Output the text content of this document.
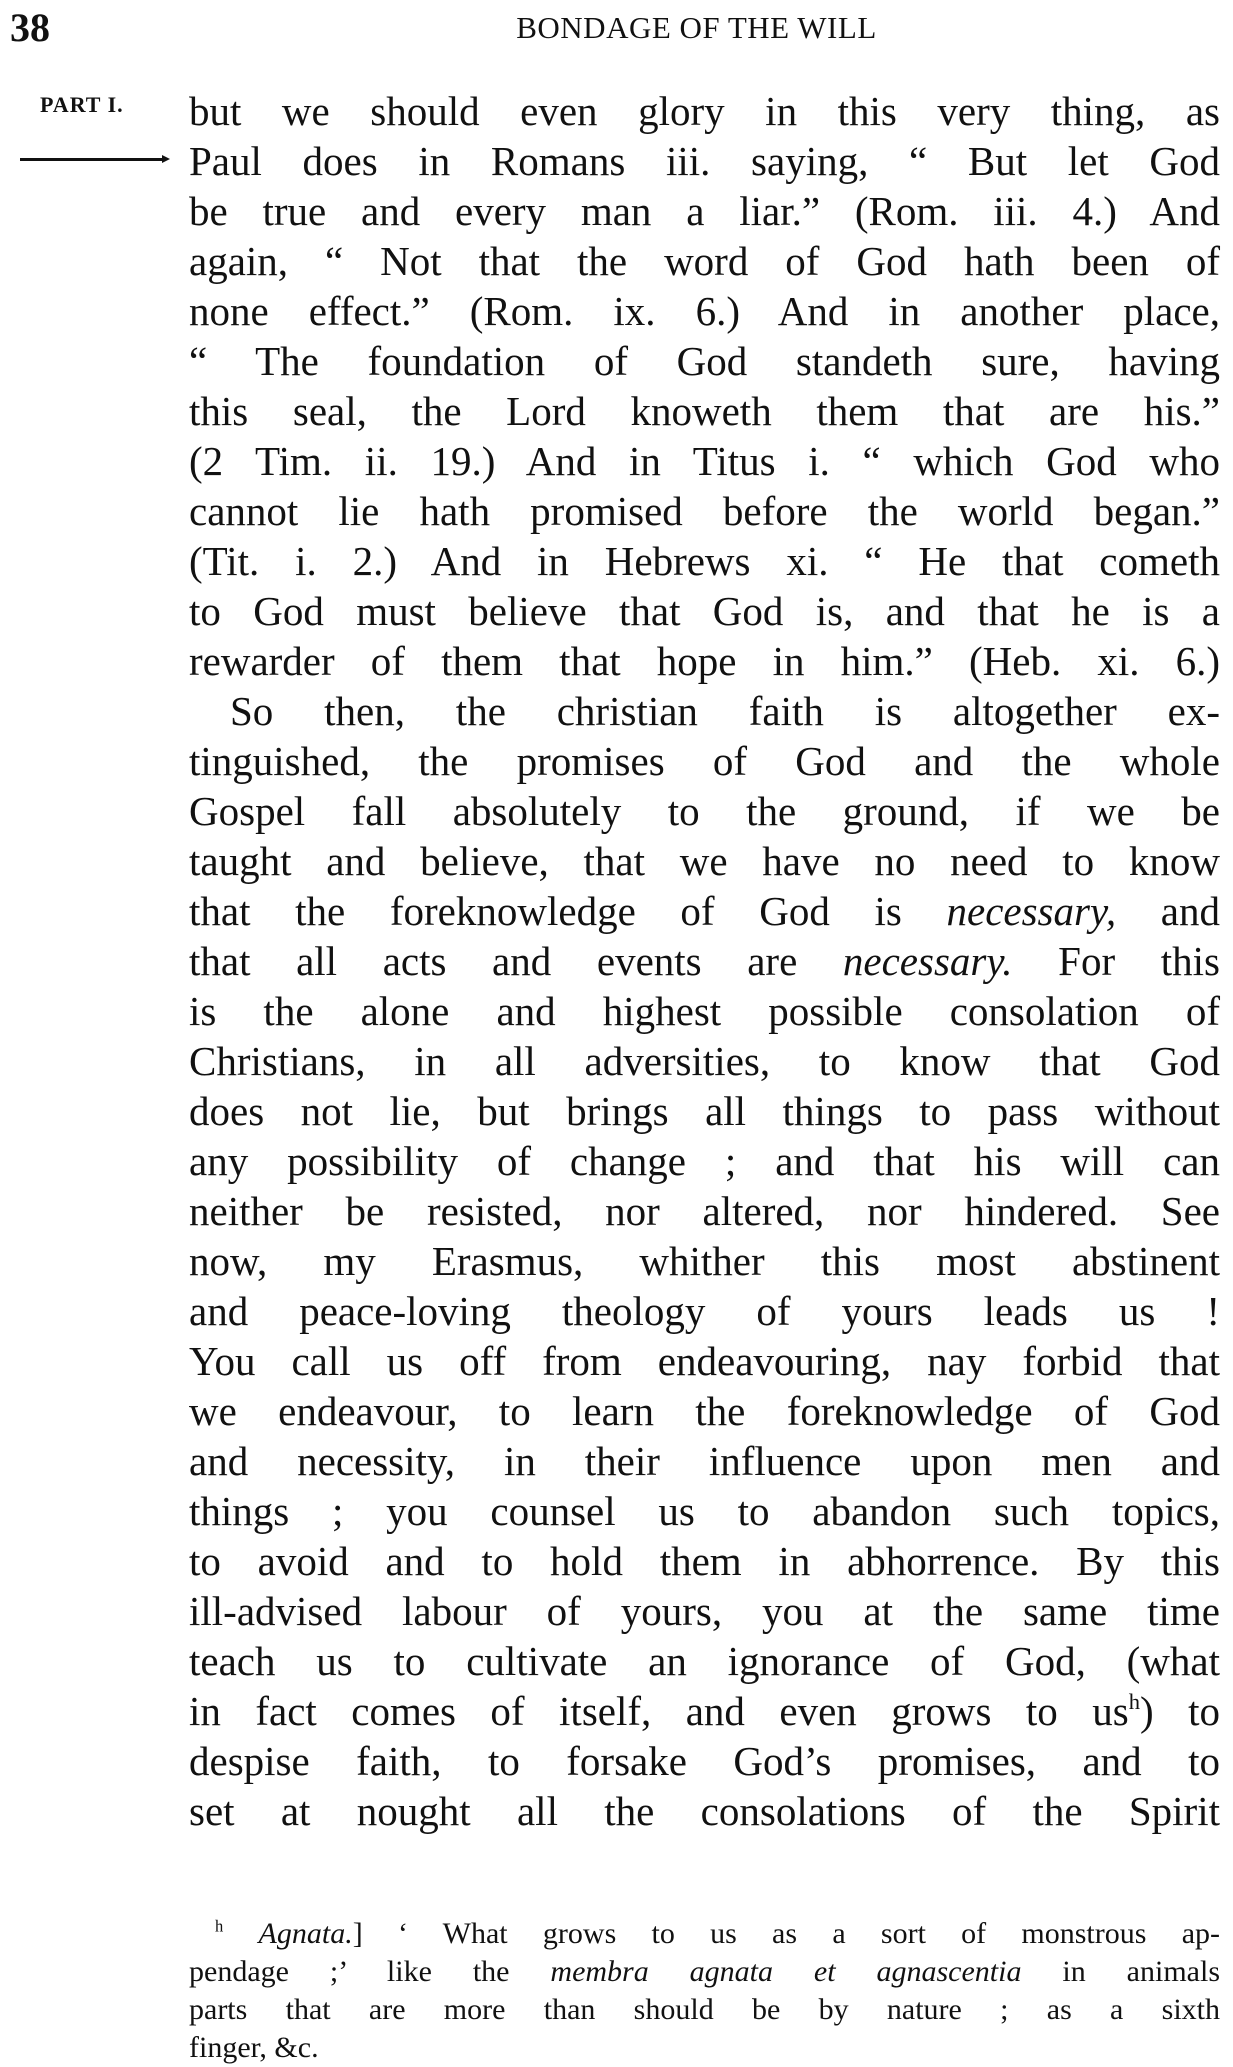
38	BONDAGE OF THE WILL
PART I. but we should even glory in this very thing, as
Paul does in Romans iii. saying, “ But let God
be true and every man a liar.” (Rom. iii. 4.) And
again, “ Not that the word of God hath been of
none effect.” (Rom. ix. 6.) And in another place,
“ The foundation of God standeth sure, having
this seal, the Lord knoweth them that are his.”
(2 Tim. ii. 19.) And in Titus i. “ which God who
cannot lie hath promised before the world began.”
(Tit. i. 2.) And in Hebrews xi. “ He that cometh
to God must believe that God is, and that he is a
rewarder of them that hope in him.” (Heb. xi. 6.)
 So then, the christian faith is altogether ex-
tinguished, the promises of God and the whole
Gospel fall absolutely to the ground, if we be
taught and believe, that we have no need to know
that the foreknowledge of God is necessary, and
that all acts and events are necessary. For this
is the alone and highest possible consolation of
Christians, in all adversities, to know that God
does not lie, but brings all things to pass without
any possibility of change ; and that his will can
neither be resisted, nor altered, nor hindered. See
now, my Erasmus, whither this most abstinent
and peace-loving theology of yours leads us !
You call us off from endeavouring, nay forbid that
we endeavour, to learn the foreknowledge of God
and necessity, in their influence upon men and
things ; you counsel us to abandon such topics,
to avoid and to hold them in abhorrence. By this
ill-advised labour of yours, you at the same time
teach us to cultivate an ignorance of God, (what
in fact comes of itself, and even grows to $us^h$) to
despise faith, to forsake God’s promises, and to
set at nought all the consolations of the Spirit
$^h$ Agnata.] ‘ What grows to us as a sort of monstrous ap-
pendage ;’ like the membra agnata et agnascentia in animals
parts that are more than should be by nature ; as a sixth
finger, &c.
